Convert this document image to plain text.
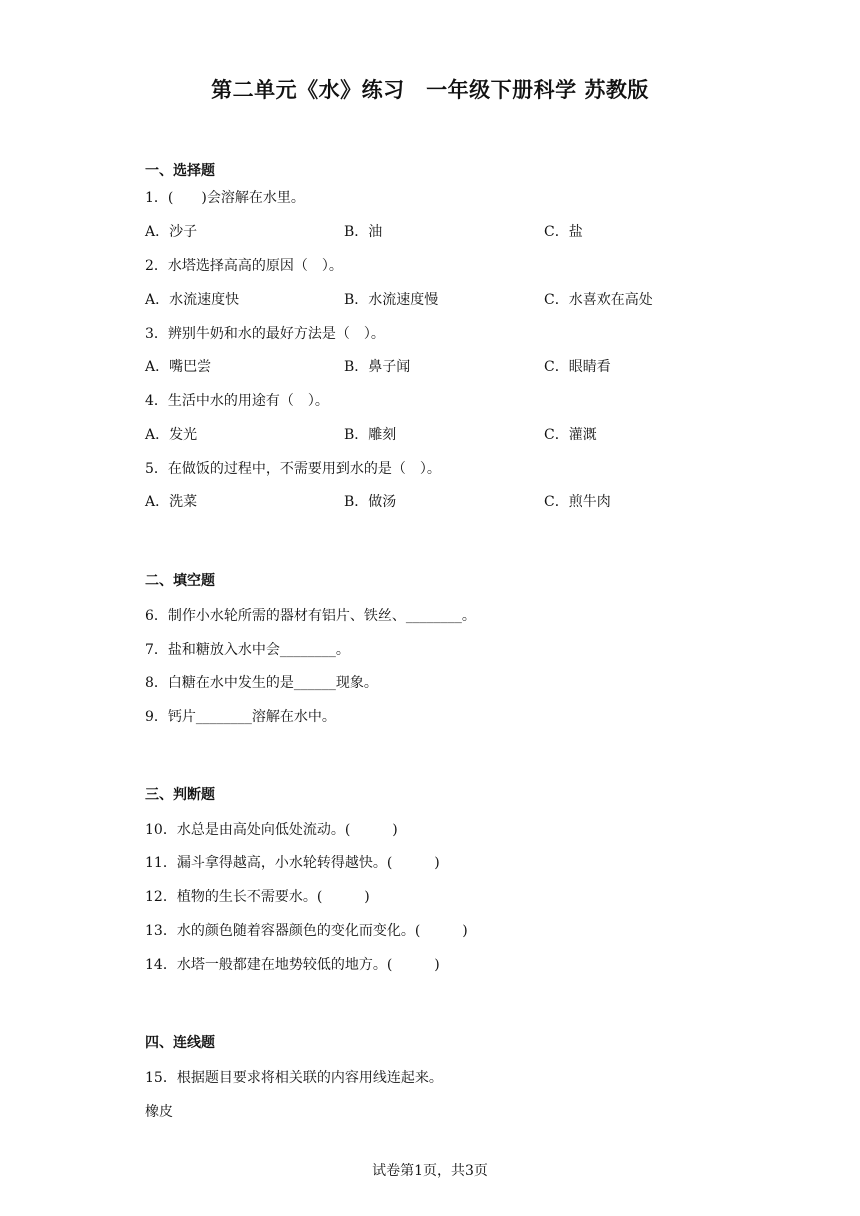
第二单元《水》练习　一年级下册科学 苏教版
一、选择题
1．(　　)会溶解在水里。
A．沙子	B．油	C．盐
2．水塔选择高高的原因（　）。
A．水流速度快	B．水流速度慢	C．水喜欢在高处
3．辨别牛奶和水的最好方法是（　）。
A．嘴巴尝	B．鼻子闻	C．眼睛看
4．生活中水的用途有（　）。
A．发光	B．雕刻	C．灌溉
5．在做饭的过程中，不需要用到水的是（　）。
A．洗菜	B．做汤	C．煎牛肉
二、填空题
6．制作小水轮所需的器材有铝片、铁丝、________。
7．盐和糖放入水中会________。
8．白糖在水中发生的是______现象。
9．钙片________溶解在水中。
三、判断题
10．水总是由高处向低处流动。(　　　)
11．漏斗拿得越高，小水轮转得越快。(　　　)
12．植物的生长不需要水。(　　　)
13．水的颜色随着容器颜色的变化而变化。(　　　)
14．水塔一般都建在地势较低的地方。(　　　)
四、连线题
15．根据题目要求将相关联的内容用线连起来。
橡皮
试卷第1页，共3页
